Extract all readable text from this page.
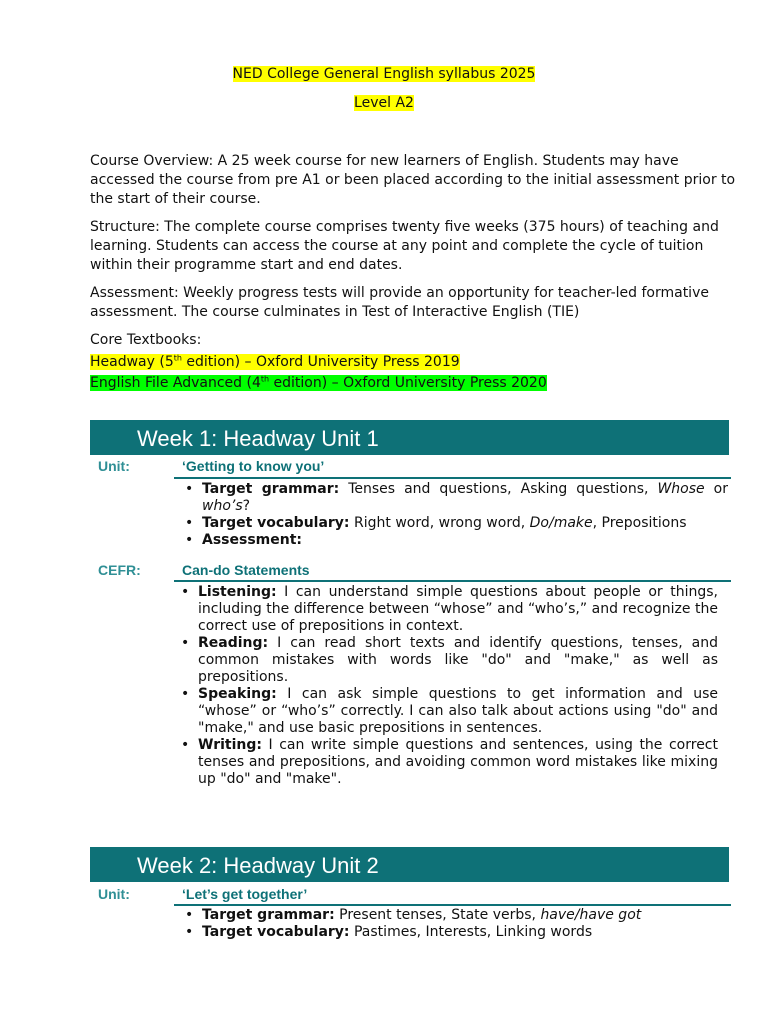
NED College General English syllabus 2025
Level A2
Course Overview: A 25 week course for new learners of English. Students may have
accessed the course from pre A1 or been placed according to the initial assessment prior to
the start of their course.
Structure: The complete course comprises twenty five weeks (375 hours) of teaching and
learning. Students can access the course at any point and complete the cycle of tuition
within their programme start and end dates.
Assessment: Weekly progress tests will provide an opportunity for teacher-led formative
assessment. The course culminates in Test of Interactive English (TIE)
Core Textbooks:
Headway (5th edition) – Oxford University Press 2019
English File Advanced (4th edition) – Oxford University Press 2020
Week 1: Headway Unit 1
Unit:	‘Getting to know you’
• Target grammar: Tenses and questions, Asking questions, Whose or who’s?
• Target vocabulary: Right word, wrong word, Do/make, Prepositions
• Assessment:
CEFR:	Can-do Statements
• Listening: I can understand simple questions about people or things, including the difference between “whose” and “who’s,” and recognize the correct use of prepositions in context.
• Reading: I can read short texts and identify questions, tenses, and common mistakes with words like "do" and "make," as well as prepositions.
• Speaking: I can ask simple questions to get information and use “whose” or “who’s” correctly. I can also talk about actions using "do" and "make," and use basic prepositions in sentences.
• Writing: I can write simple questions and sentences, using the correct tenses and prepositions, and avoiding common word mistakes like mixing up "do" and "make".
Week 2: Headway Unit 2
Unit:	‘Let’s get together’
• Target grammar: Present tenses, State verbs, have/have got
• Target vocabulary: Pastimes, Interests, Linking words
